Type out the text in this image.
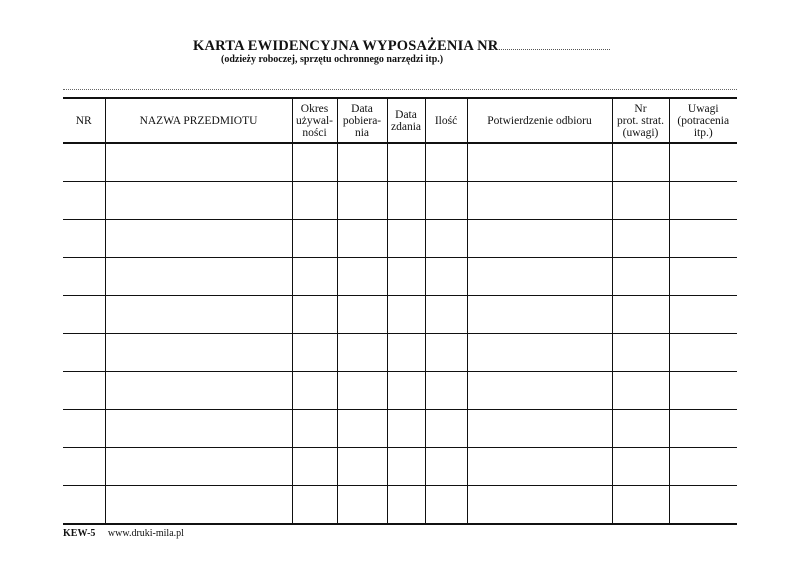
KARTA EWIDENCYJNA WYPOSAŻENIA NR
(odzieży roboczej, sprzętu ochronnego narzędzi itp.)
NR	NAZWA PRZEDMIOTU	Okres
używal-
ności	Data
pobiera-
nia	Data
zdania	Ilość	Potwierdzenie odbioru	Nr
prot. strat.
(uwagi)	Uwagi
(potracenia
itp.)

KEW-5 www.druki-mila.pl
